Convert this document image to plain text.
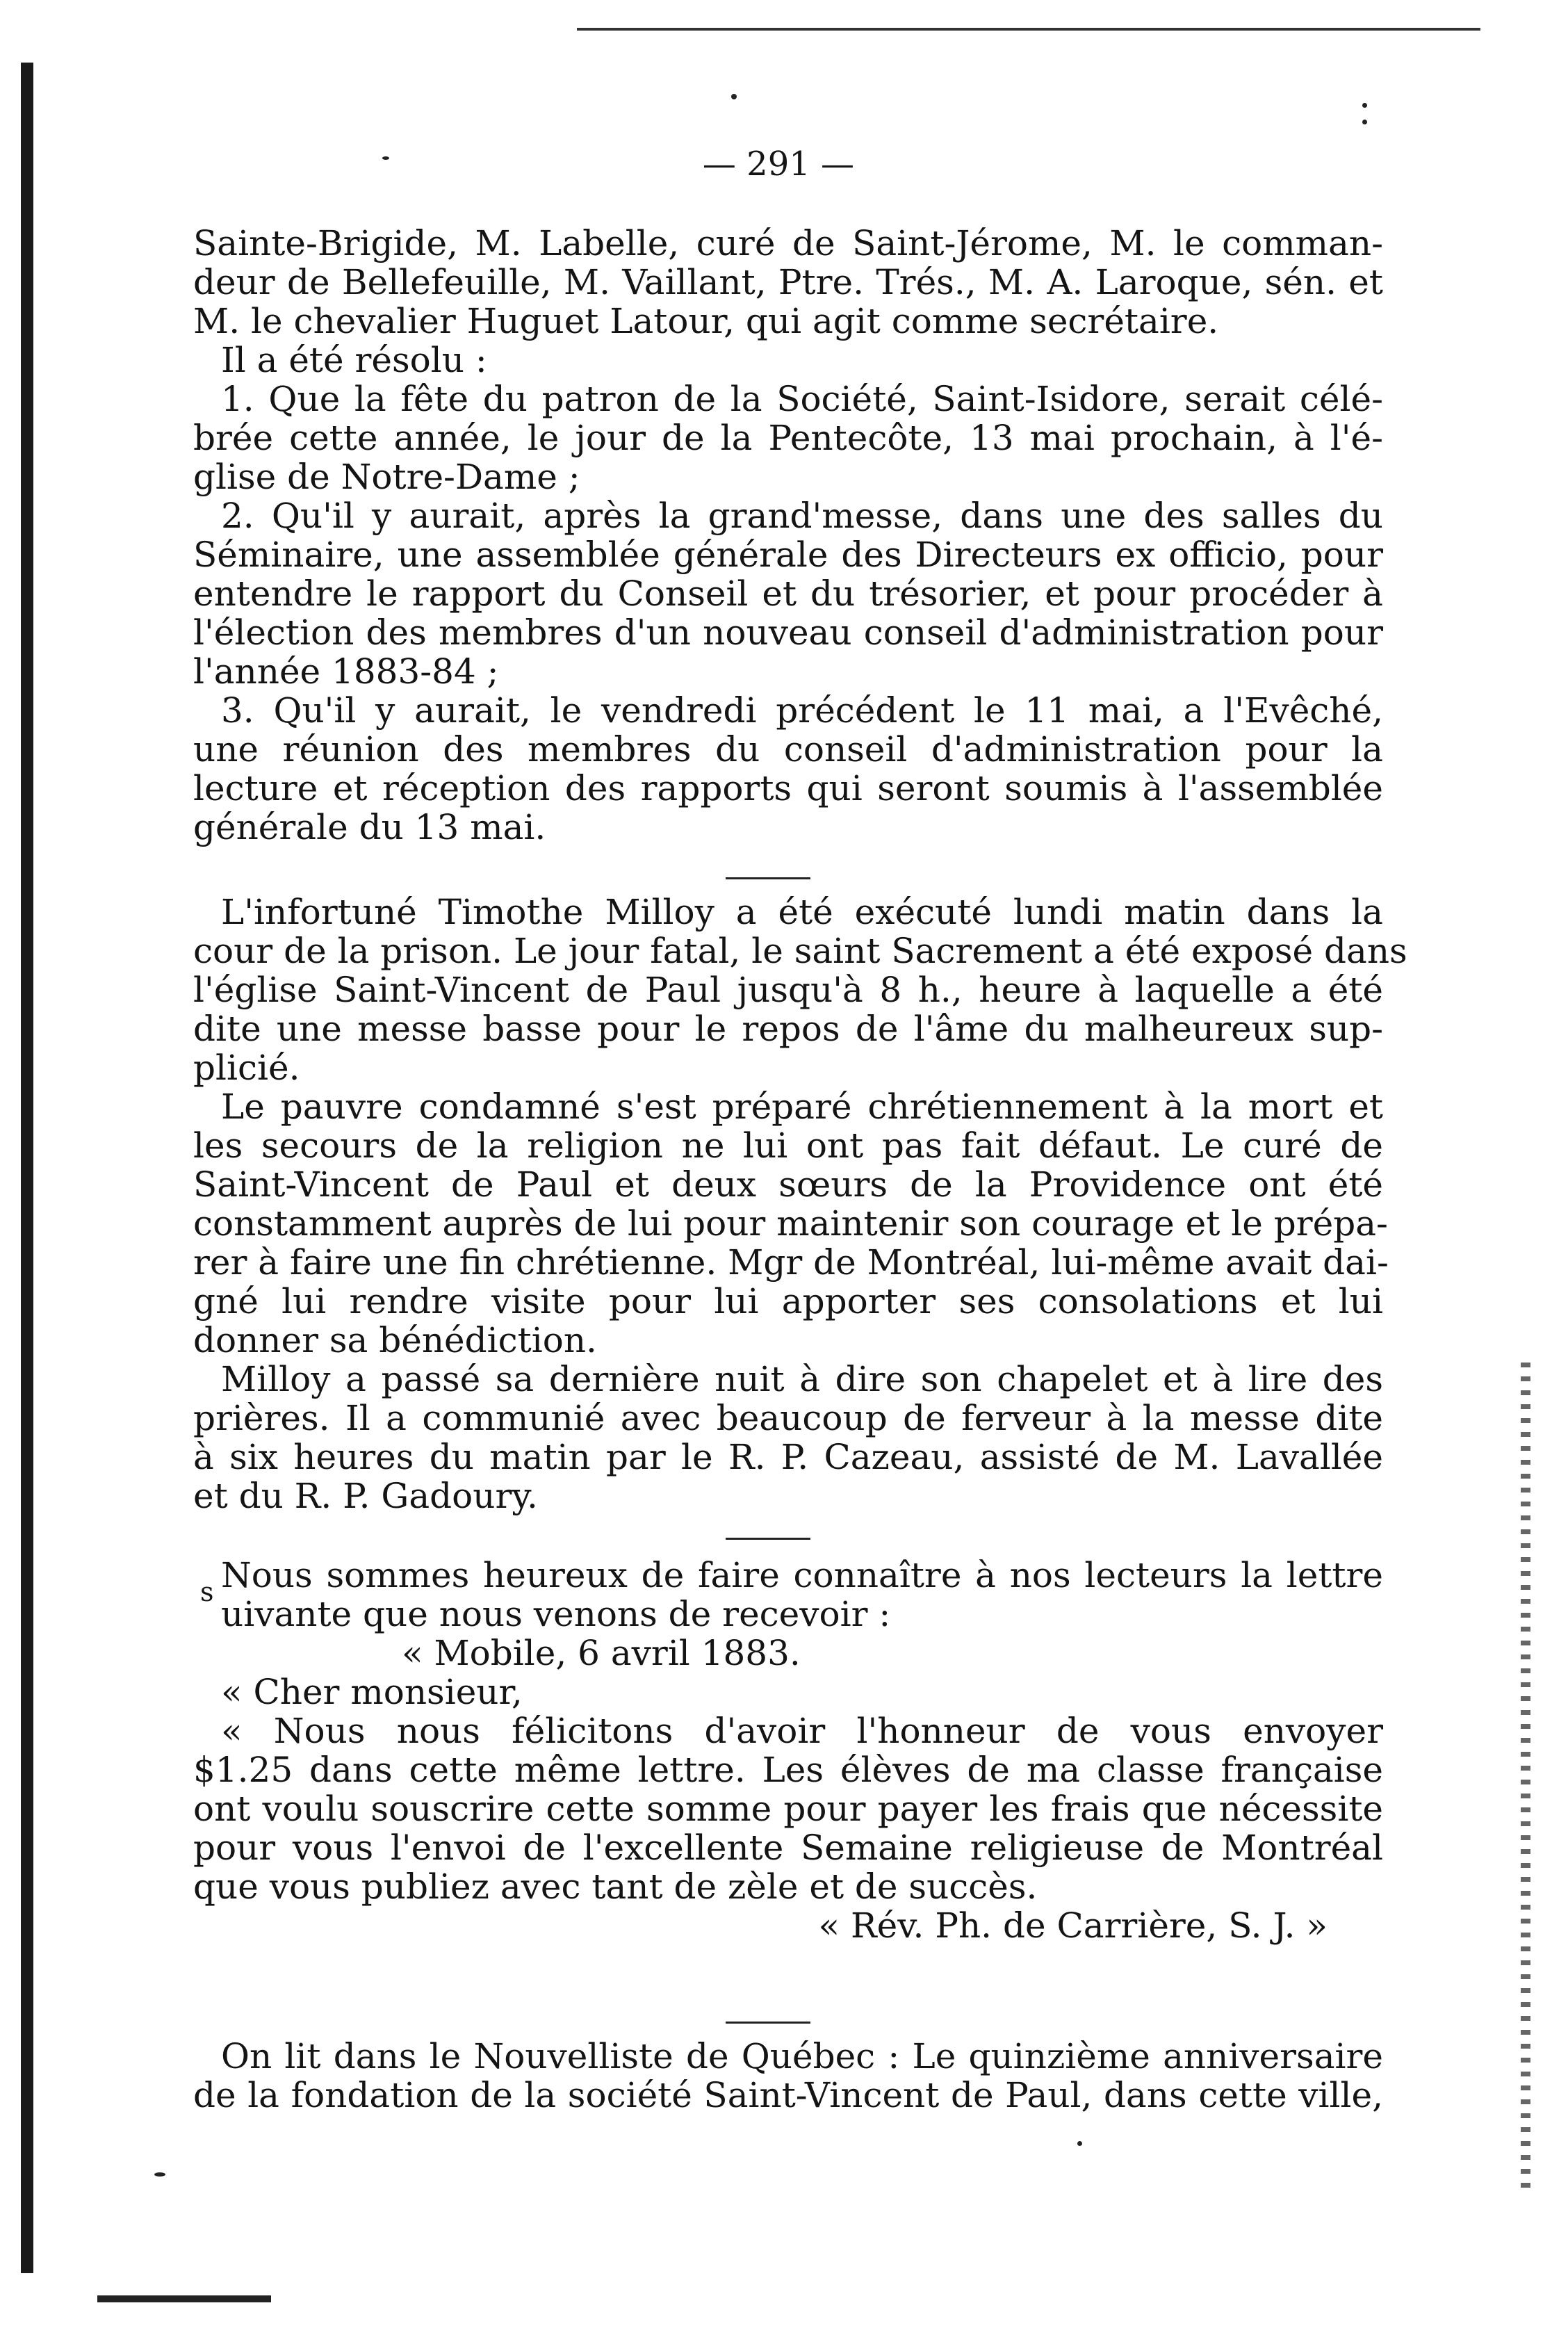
— 291 —
Sainte-Brigide, M. Labelle, curé de Saint-Jérome, M. le comman-
deur de Bellefeuille, M. Vaillant, Ptre. Trés., M. A. Laroque, sén. et
M. le chevalier Huguet Latour, qui agit comme secrétaire.
Il a été résolu :
1. Que la fête du patron de la Société, Saint-Isidore, serait célé-
brée cette année, le jour de la Pentecôte, 13 mai prochain, à l'é-
glise de Notre-Dame ;
2. Qu'il y aurait, après la grand'messe, dans une des salles du
Séminaire, une assemblée générale des Directeurs ex officio, pour
entendre le rapport du Conseil et du trésorier, et pour procéder à
l'élection des membres d'un nouveau conseil d'administration pour
l'année 1883-84 ;
3. Qu'il y aurait, le vendredi précédent le 11 mai, a l'Evêché,
une réunion des membres du conseil d'administration pour la
lecture et réception des rapports qui seront soumis à l'assemblée
générale du 13 mai.
L'infortuné Timothe Milloy a été exécuté lundi matin dans la
cour de la prison. Le jour fatal, le saint Sacrement a été exposé dans
l'église Saint-Vincent de Paul jusqu'à 8 h., heure à laquelle a été
dite une messe basse pour le repos de l'âme du malheureux sup-
plicié.
Le pauvre condamné s'est préparé chrétiennement à la mort et
les secours de la religion ne lui ont pas fait défaut. Le curé de
Saint-Vincent de Paul et deux sœurs de la Providence ont été
constamment auprès de lui pour maintenir son courage et le prépa-
rer à faire une fin chrétienne. Mgr de Montréal, lui-même avait dai-
gné lui rendre visite pour lui apporter ses consolations et lui
donner sa bénédiction.
Milloy a passé sa dernière nuit à dire son chapelet et à lire des
prières. Il a communié avec beaucoup de ferveur à la messe dite
à six heures du matin par le R. P. Cazeau, assisté de M. Lavallée
et du R. P. Gadoury.
s Nous sommes heureux de faire connaître à nos lecteurs la lettre
uivante que nous venons de recevoir :
« Mobile, 6 avril 1883.
« Cher monsieur,
« Nous nous félicitons d'avoir l'honneur de vous envoyer
$1.25 dans cette même lettre. Les élèves de ma classe française
ont voulu souscrire cette somme pour payer les frais que nécessite
pour vous l'envoi de l'excellente Semaine religieuse de Montréal
que vous publiez avec tant de zèle et de succès.
« Rév. Ph. de Carrière, S. J. »
On lit dans le Nouvelliste de Québec : Le quinzième anniversaire
de la fondation de la société Saint-Vincent de Paul, dans cette ville,
